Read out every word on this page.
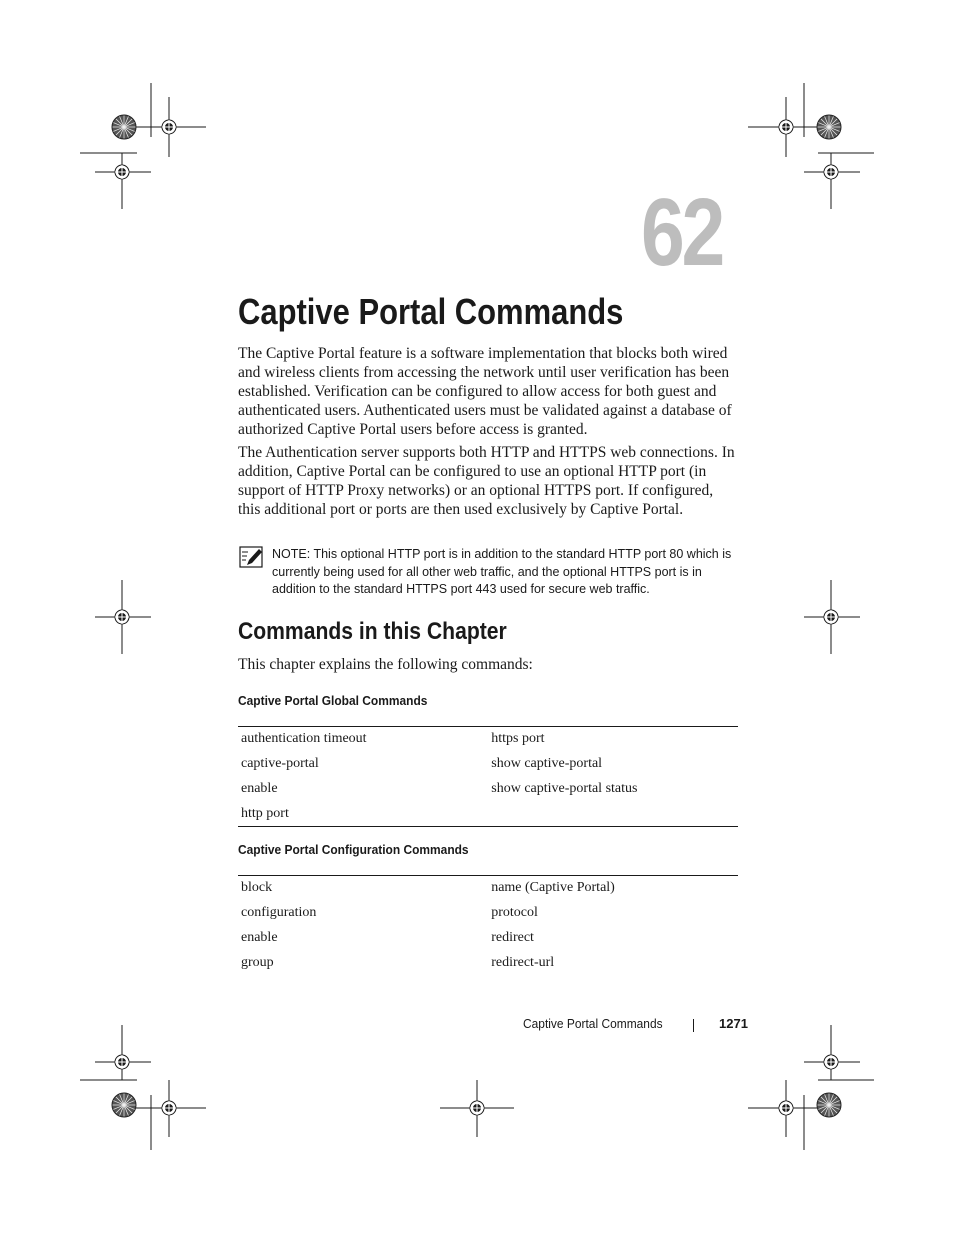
62
Captive Portal Commands

The Captive Portal feature is a software implementation that blocks both wired and wireless clients from accessing the network until user verification has been established. Verification can be configured to allow access for both guest and authenticated users. Authenticated users must be validated against a database of authorized Captive Portal users before access is granted.

The Authentication server supports both HTTP and HTTPS web connections. In addition, Captive Portal can be configured to use an optional HTTP port (in support of HTTP Proxy networks) or an optional HTTPS port. If configured, this additional port or ports are then used exclusively by Captive Portal.

NOTE: This optional HTTP port is in addition to the standard HTTP port 80 which is currently being used for all other web traffic, and the optional HTTPS port is in addition to the standard HTTPS port 443 used for secure web traffic.

Commands in this Chapter

This chapter explains the following commands:

Captive Portal Global Commands
authentication timeout	https port
captive-portal	show captive-portal
enable	show captive-portal status
http port	
Captive Portal Configuration Commands
block	name (Captive Portal)
configuration	protocol
enable	redirect
group	redirect-url
Captive Portal Commands	1271
